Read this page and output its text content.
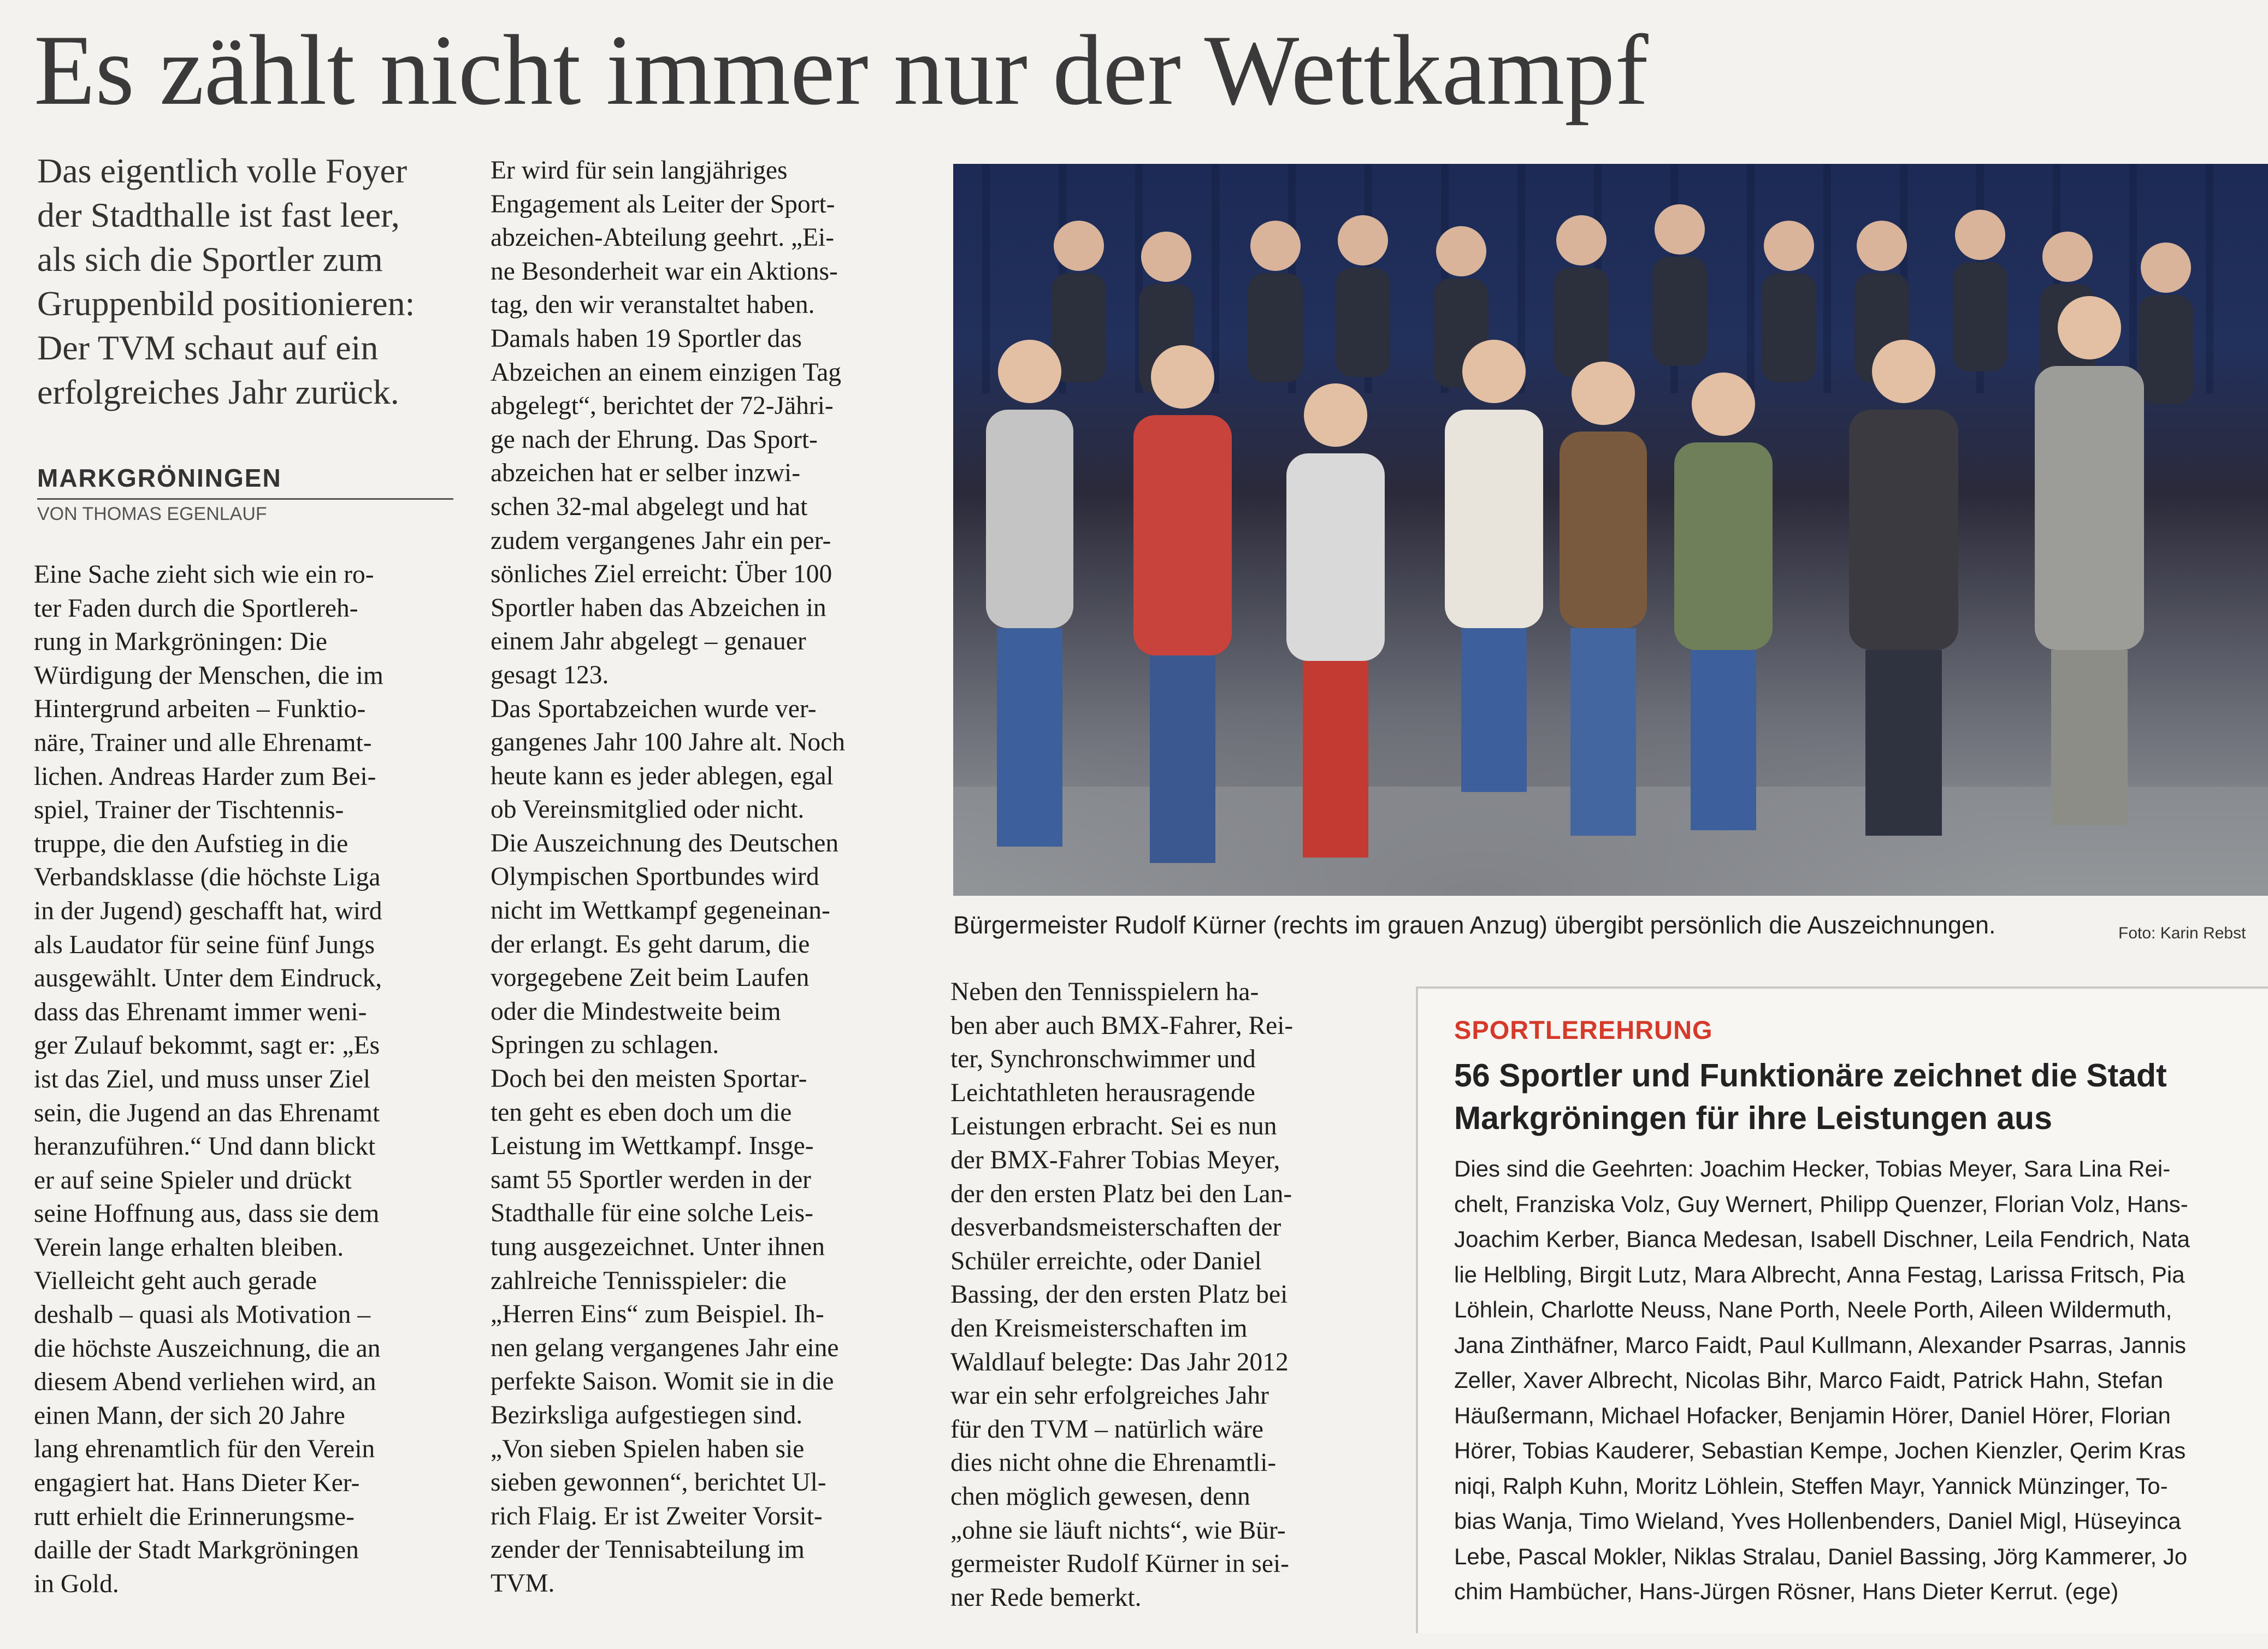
Es zählt nicht immer nur der Wettkampf
Das eigentlich volle Foyer
der Stadthalle ist fast leer,
als sich die Sportler zum
Gruppenbild positionieren:
Der TVM schaut auf ein
erfolgreiches Jahr zurück.
MARKGRÖNINGEN
VON THOMAS EGENLAUF
Eine Sache zieht sich wie ein ro-
ter Faden durch die Sportlereh-
rung in Markgröningen: Die
Würdigung der Menschen, die im
Hintergrund arbeiten – Funktio-
näre, Trainer und alle Ehrenamt-
lichen. Andreas Harder zum Bei-
spiel, Trainer der Tischtennis-
truppe, die den Aufstieg in die
Verbandsklasse (die höchste Liga
in der Jugend) geschafft hat, wird
als Laudator für seine fünf Jungs
ausgewählt. Unter dem Eindruck,
dass das Ehrenamt immer weni-
ger Zulauf bekommt, sagt er: „Es
ist das Ziel, und muss unser Ziel
sein, die Jugend an das Ehrenamt
heranzuführen.“ Und dann blickt
er auf seine Spieler und drückt
seine Hoffnung aus, dass sie dem
Verein lange erhalten bleiben.
Vielleicht geht auch gerade
deshalb – quasi als Motivation –
die höchste Auszeichnung, die an
diesem Abend verliehen wird, an
einen Mann, der sich 20 Jahre
lang ehrenamtlich für den Verein
engagiert hat. Hans Dieter Ker-
rutt erhielt die Erinnerungsme-
daille der Stadt Markgröningen
in Gold.
Er wird für sein langjähriges
Engagement als Leiter der Sport-
abzeichen-Abteilung geehrt. „Ei-
ne Besonderheit war ein Aktions-
tag, den wir veranstaltet haben.
Damals haben 19 Sportler das
Abzeichen an einem einzigen Tag
abgelegt“, berichtet der 72-Jähri-
ge nach der Ehrung. Das Sport-
abzeichen hat er selber inzwi-
schen 32-mal abgelegt und hat
zudem vergangenes Jahr ein per-
sönliches Ziel erreicht: Über 100
Sportler haben das Abzeichen in
einem Jahr abgelegt – genauer
gesagt 123.
Das Sportabzeichen wurde ver-
gangenes Jahr 100 Jahre alt. Noch
heute kann es jeder ablegen, egal
ob Vereinsmitglied oder nicht.
Die Auszeichnung des Deutschen
Olympischen Sportbundes wird
nicht im Wettkampf gegeneinan-
der erlangt. Es geht darum, die
vorgegebene Zeit beim Laufen
oder die Mindestweite beim
Springen zu schlagen.
Doch bei den meisten Sportar-
ten geht es eben doch um die
Leistung im Wettkampf. Insge-
samt 55 Sportler werden in der
Stadthalle für eine solche Leis-
tung ausgezeichnet. Unter ihnen
zahlreiche Tennisspieler: die
„Herren Eins“ zum Beispiel. Ih-
nen gelang vergangenes Jahr eine
perfekte Saison. Womit sie in die
Bezirksliga aufgestiegen sind.
„Von sieben Spielen haben sie
sieben gewonnen“, berichtet Ul-
rich Flaig. Er ist Zweiter Vorsit-
zender der Tennisabteilung im
TVM.
Neben den Tennisspielern ha-
ben aber auch BMX-Fahrer, Rei-
ter, Synchronschwimmer und
Leichtathleten herausragende
Leistungen erbracht. Sei es nun
der BMX-Fahrer Tobias Meyer,
der den ersten Platz bei den Lan-
desverbandsmeisterschaften der
Schüler erreichte, oder Daniel
Bassing, der den ersten Platz bei
den Kreismeisterschaften im
Waldlauf belegte: Das Jahr 2012
war ein sehr erfolgreiches Jahr
für den TVM – natürlich wäre
dies nicht ohne die Ehrenamtli-
chen möglich gewesen, denn
„ohne sie läuft nichts“, wie Bür-
germeister Rudolf Kürner in sei-
ner Rede bemerkt.
Bürgermeister Rudolf Kürner (rechts im grauen Anzug) übergibt persönlich die Auszeichnungen.	Foto: Karin Rebst
SPORTLEREHRUNG
56 Sportler und Funktionäre zeichnet die Stadt
Markgröningen für ihre Leistungen aus
Dies sind die Geehrten: Joachim Hecker, Tobias Meyer, Sara Lina Rei-
chelt, Franziska Volz, Guy Wernert, Philipp Quenzer, Florian Volz, Hans-
Joachim Kerber, Bianca Medesan, Isabell Dischner, Leila Fendrich, Nata
lie Helbling, Birgit Lutz, Mara Albrecht, Anna Festag, Larissa Fritsch, Pia
Löhlein, Charlotte Neuss, Nane Porth, Neele Porth, Aileen Wildermuth,
Jana Zinthäfner, Marco Faidt, Paul Kullmann, Alexander Psarras, Jannis
Zeller, Xaver Albrecht, Nicolas Bihr, Marco Faidt, Patrick Hahn, Stefan
Häußermann, Michael Hofacker, Benjamin Hörer, Daniel Hörer, Florian
Hörer, Tobias Kauderer, Sebastian Kempe, Jochen Kienzler, Qerim Kras
niqi, Ralph Kuhn, Moritz Löhlein, Steffen Mayr, Yannick Münzinger, To-
bias Wanja, Timo Wieland, Yves Hollenbenders, Daniel Migl, Hüseyinca
Lebe, Pascal Mokler, Niklas Stralau, Daniel Bassing, Jörg Kammerer, Jo
chim Hambücher, Hans-Jürgen Rösner, Hans Dieter Kerrut. (ege)
